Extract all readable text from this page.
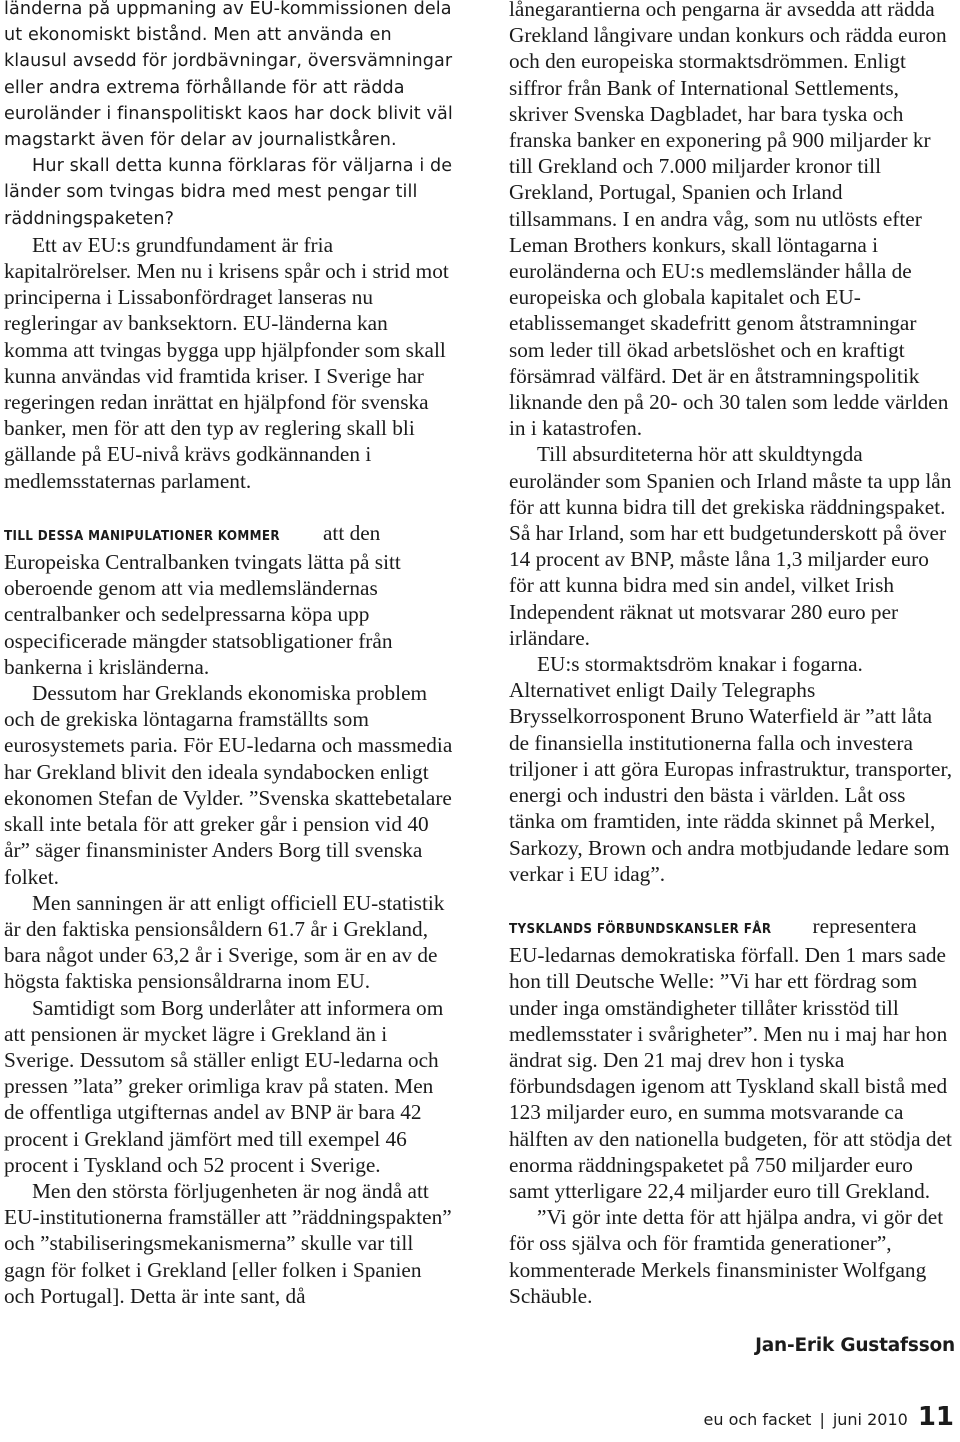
länderna på uppmaning av EU-kommissionen dela ut ekonomiskt bistånd. Men att använda en klausul avsedd för jordbävningar, översvämningar eller andra extrema förhållande för att rädda euroländer i finanspolitiskt kaos har dock blivit väl magstarkt även för delar av journalistkåren.

Hur skall detta kunna förklaras för väljarna i de länder som tvingas bidra med mest pengar till räddningspaketen?

Ett av EU:s grundfundament är fria kapitalrörelser. Men nu i krisens spår och i strid mot principerna i Lissabonfördraget lanseras nu regleringar av banksektorn. EU-länderna kan komma att tvingas bygga upp hjälpfonder som skall kunna användas vid framtida kriser. I Sverige har regeringen redan inrättat en hjälpfond för svenska banker, men för att den typ av reglering skall bli gällande på EU-nivå krävs godkännanden i medlemsstaternas parlament.

TILL DESSA MANIPULATIONER KOMMER att den Europeiska Centralbanken tvingats lätta på sitt oberoende genom att via medlemsländernas centralbanker och sedelpressarna köpa upp ospecificerade mängder statsobligationer från bankerna i krisländerna.

Dessutom har Greklands ekonomiska problem och de grekiska löntagarna framställts som eurosystemets paria. För EU-ledarna och massmedia har Grekland blivit den ideala syndabocken enligt ekonomen Stefan de Vylder. ”Svenska skattebetalare skall inte betala för att greker går i pension vid 40 år” säger finansminister Anders Borg till svenska folket.

Men sanningen är att enligt officiell EU-statistik är den faktiska pensionsåldern 61.7 år i Grekland, bara något under 63,2 år i Sverige, som är en av de högsta faktiska pensionsåldrarna inom EU.

Samtidigt som Borg underlåter att informera om att pensionen är mycket lägre i Grekland än i Sverige. Dessutom så ställer enligt EU-ledarna och pressen ”lata” greker orimliga krav på staten. Men de offentliga utgifternas andel av BNP är bara 42 procent i Grekland jämfört med till exempel 46 procent i Tyskland och 52 procent i Sverige.

Men den största förljugenheten är nog ändå att EU-institutionerna framställer att ”räddningspakten” och ”stabiliseringsmekanismerna” skulle var till gagn för folket i Grekland [eller folken i Spanien och Portugal]. Detta är inte sant, då

lånegarantierna och pengarna är avsedda att rädda Grekland långivare undan konkurs och rädda euron och den europeiska stormaktsdrömmen. Enligt siffror från Bank of International Settlements, skriver Svenska Dagbladet, har bara tyska och franska banker en exponering på 900 miljarder kr till Grekland och 7.000 miljarder kronor till Grekland, Portugal, Spanien och Irland tillsammans. I en andra våg, som nu utlösts efter Leman Brothers konkurs, skall löntagarna i euroländerna och EU:s medlemsländer hålla de europeiska och globala kapitalet och EU-etablissemanget skadefritt genom åtstramningar som leder till ökad arbetslöshet och en kraftigt försämrad välfärd. Det är en åtstramningspolitik liknande den på 20- och 30 talen som ledde världen in i katastrofen.

Till absurditeterna hör att skuldtyngda euroländer som Spanien och Irland måste ta upp lån för att kunna bidra till det grekiska räddningspaket. Så har Irland, som har ett budgetunderskott på över 14 procent av BNP, måste låna 1,3 miljarder euro för att kunna bidra med sin andel, vilket Irish Independent räknat ut motsvarar 280 euro per irländare.

EU:s stormaktsdröm knakar i fogarna. Alternativet enligt Daily Telegraphs Brysselkorrosponent Bruno Waterfield är ”att låta de finansiella institutionerna falla och investera triljoner i att göra Europas infrastruktur, transporter, energi och industri den bästa i världen. Låt oss tänka om framtiden, inte rädda skinnet på Merkel, Sarkozy, Brown och andra motbjudande ledare som verkar i EU idag”.

TYSKLANDS FÖRBUNDSKANSLER FÅR representera EU-ledarnas demokratiska förfall. Den 1 mars sade hon till Deutsche Welle: ”Vi har ett fördrag som under inga omständigheter tillåter krisstöd till medlemsstater i svårigheter”. Men nu i maj har hon ändrat sig. Den 21 maj drev hon i tyska förbundsdagen igenom att Tyskland skall bistå med 123 miljarder euro, en summa motsvarande ca hälften av den nationella budgeten, för att stödja det enorma räddningspaketet på 750 miljarder euro samt ytterligare 22,4 miljarder euro till Grekland.

”Vi gör inte detta för att hjälpa andra, vi gör det för oss själva och för framtida generationer”, kommenterade Merkels finansminister Wolfgang Schäuble.

Jan-Erik Gustafsson

eu och facket | juni 2010 11
